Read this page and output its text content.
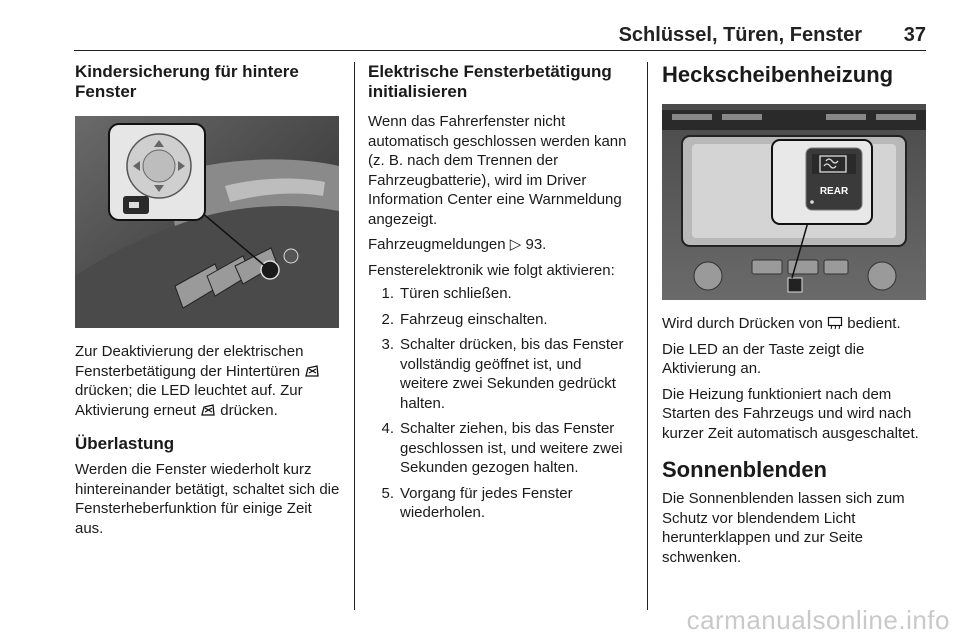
Schlüssel, Türen, Fenster 37
Kindersicherung für hintere Fenster

Zur Deaktivierung der elektrischen Fensterbetätigung der Hintertüren  drücken; die LED leuchtet auf. Zur Aktivierung erneut drücken.

Überlastung

Werden die Fenster wiederholt kurz hintereinander betätigt, schaltet sich die Fensterheberfunktion für einige Zeit aus.

Elektrische Fensterbetätigung initialisieren

Wenn das Fahrerfenster nicht automatisch geschlossen werden kann (z. B. nach dem Trennen der Fahrzeugbatterie), wird im Driver Information Center eine Warnmeldung angezeigt.

Fahrzeugmeldungen ▷ 93.

Fensterelektronik wie folgt aktivieren:

1. Türen schließen.
2. Fahrzeug einschalten.
3. Schalter drücken, bis das Fenster vollständig geöffnet ist, und weitere zwei Sekunden gedrückt halten.
4. Schalter ziehen, bis das Fenster geschlossen ist, und weitere zwei Sekunden gezogen halten.
5. Vorgang für jedes Fenster wiederholen.
Heckscheibenheizung
REAR

Wird durch Drücken von bedient.

Die LED an der Taste zeigt die Aktivierung an.

Die Heizung funktioniert nach dem Starten des Fahrzeugs und wird nach kurzer Zeit automatisch ausgeschaltet.

Sonnenblenden

Die Sonnenblenden lassen sich zum Schutz vor blendendem Licht herunterklappen und zur Seite schwenken.

carmanualsonline.info
